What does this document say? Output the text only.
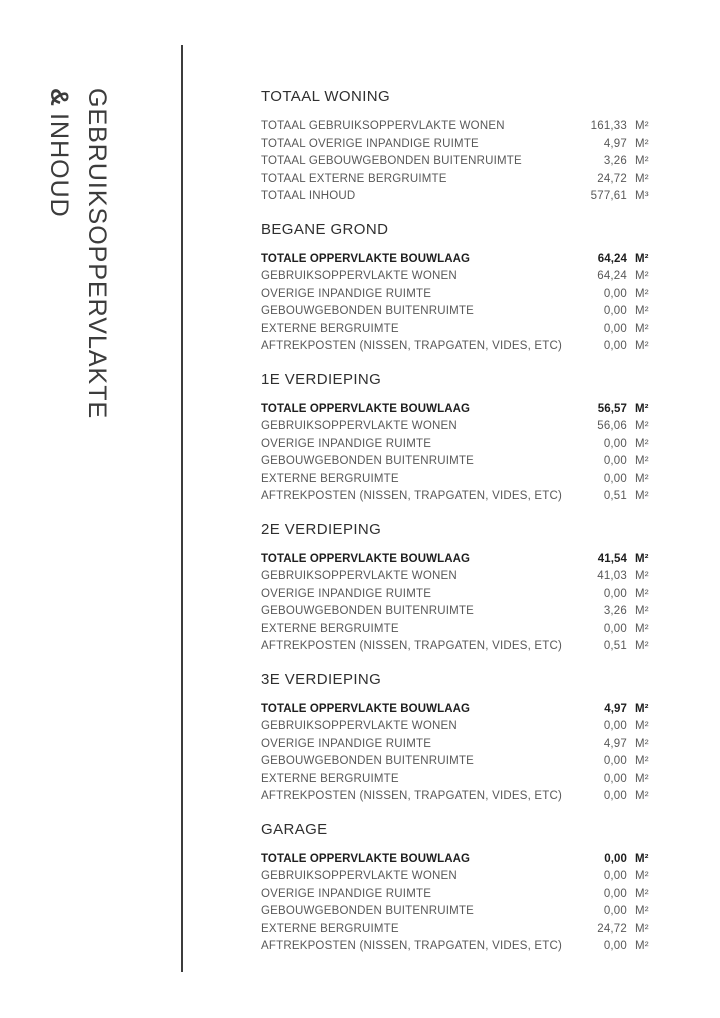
GEBRUIKSOPPERVLAKTE
&INHOUD
TOTAAL WONING
TOTAAL GEBRUIKSOPPERVLAKTE WONEN	161,33 M²
TOTAAL OVERIGE INPANDIGE RUIMTE	4,97 M²
TOTAAL GEBOUWGEBONDEN BUITENRUIMTE	3,26 M²
TOTAAL EXTERNE BERGRUIMTE	24,72 M²
TOTAAL INHOUD	577,61 M³
BEGANE GROND
TOTALE OPPERVLAKTE BOUWLAAG	64,24 M²
GEBRUIKSOPPERVLAKTE WONEN	64,24 M²
OVERIGE INPANDIGE RUIMTE	0,00 M²
GEBOUWGEBONDEN BUITENRUIMTE	0,00 M²
EXTERNE BERGRUIMTE	0,00 M²
AFTREKPOSTEN (NISSEN, TRAPGATEN, VIDES, ETC)	0,00 M²
1E VERDIEPING
TOTALE OPPERVLAKTE BOUWLAAG	56,57 M²
GEBRUIKSOPPERVLAKTE WONEN	56,06 M²
OVERIGE INPANDIGE RUIMTE	0,00 M²
GEBOUWGEBONDEN BUITENRUIMTE	0,00 M²
EXTERNE BERGRUIMTE	0,00 M²
AFTREKPOSTEN (NISSEN, TRAPGATEN, VIDES, ETC)	0,51 M²
2E VERDIEPING
TOTALE OPPERVLAKTE BOUWLAAG	41,54 M²
GEBRUIKSOPPERVLAKTE WONEN	41,03 M²
OVERIGE INPANDIGE RUIMTE	0,00 M²
GEBOUWGEBONDEN BUITENRUIMTE	3,26 M²
EXTERNE BERGRUIMTE	0,00 M²
AFTREKPOSTEN (NISSEN, TRAPGATEN, VIDES, ETC)	0,51 M²
3E VERDIEPING
TOTALE OPPERVLAKTE BOUWLAAG	4,97 M²
GEBRUIKSOPPERVLAKTE WONEN	0,00 M²
OVERIGE INPANDIGE RUIMTE	4,97 M²
GEBOUWGEBONDEN BUITENRUIMTE	0,00 M²
EXTERNE BERGRUIMTE	0,00 M²
AFTREKPOSTEN (NISSEN, TRAPGATEN, VIDES, ETC)	0,00 M²
GARAGE
TOTALE OPPERVLAKTE BOUWLAAG	0,00 M²
GEBRUIKSOPPERVLAKTE WONEN	0,00 M²
OVERIGE INPANDIGE RUIMTE	0,00 M²
GEBOUWGEBONDEN BUITENRUIMTE	0,00 M²
EXTERNE BERGRUIMTE	24,72 M²
AFTREKPOSTEN (NISSEN, TRAPGATEN, VIDES, ETC)	0,00 M²
